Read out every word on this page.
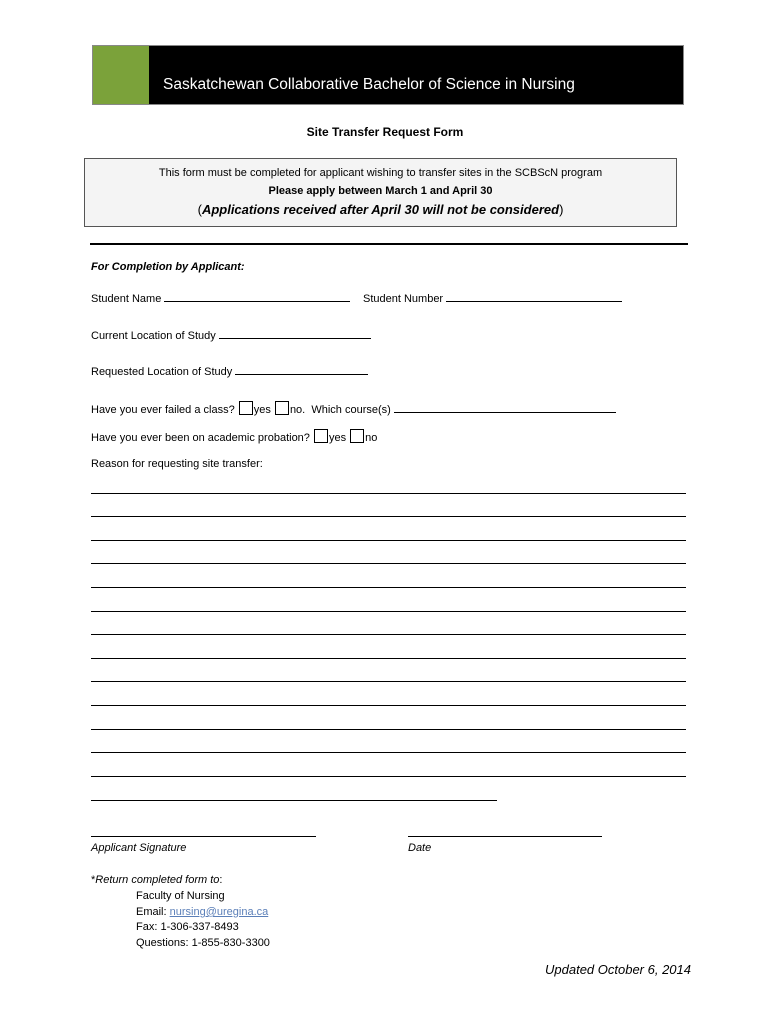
Saskatchewan Collaborative Bachelor of Science in Nursing
Site Transfer Request Form
This form must be completed for applicant wishing to transfer sites in the SCBScN program
Please apply between March 1 and April 30
(Applications received after April 30 will not be considered)
For Completion by Applicant:
Student Name	Student Number
Current Location of Study
Requested Location of Study
Have you ever failed a class? yes no. Which course(s)
Have you ever been on academic probation? yes no
Reason for requesting site transfer:
Applicant Signature	Date
*Return completed form to:
Faculty of Nursing
Email: nursing@uregina.ca
Fax: 1-306-337-8493
Questions: 1-855-830-3300
Updated October 6, 2014
